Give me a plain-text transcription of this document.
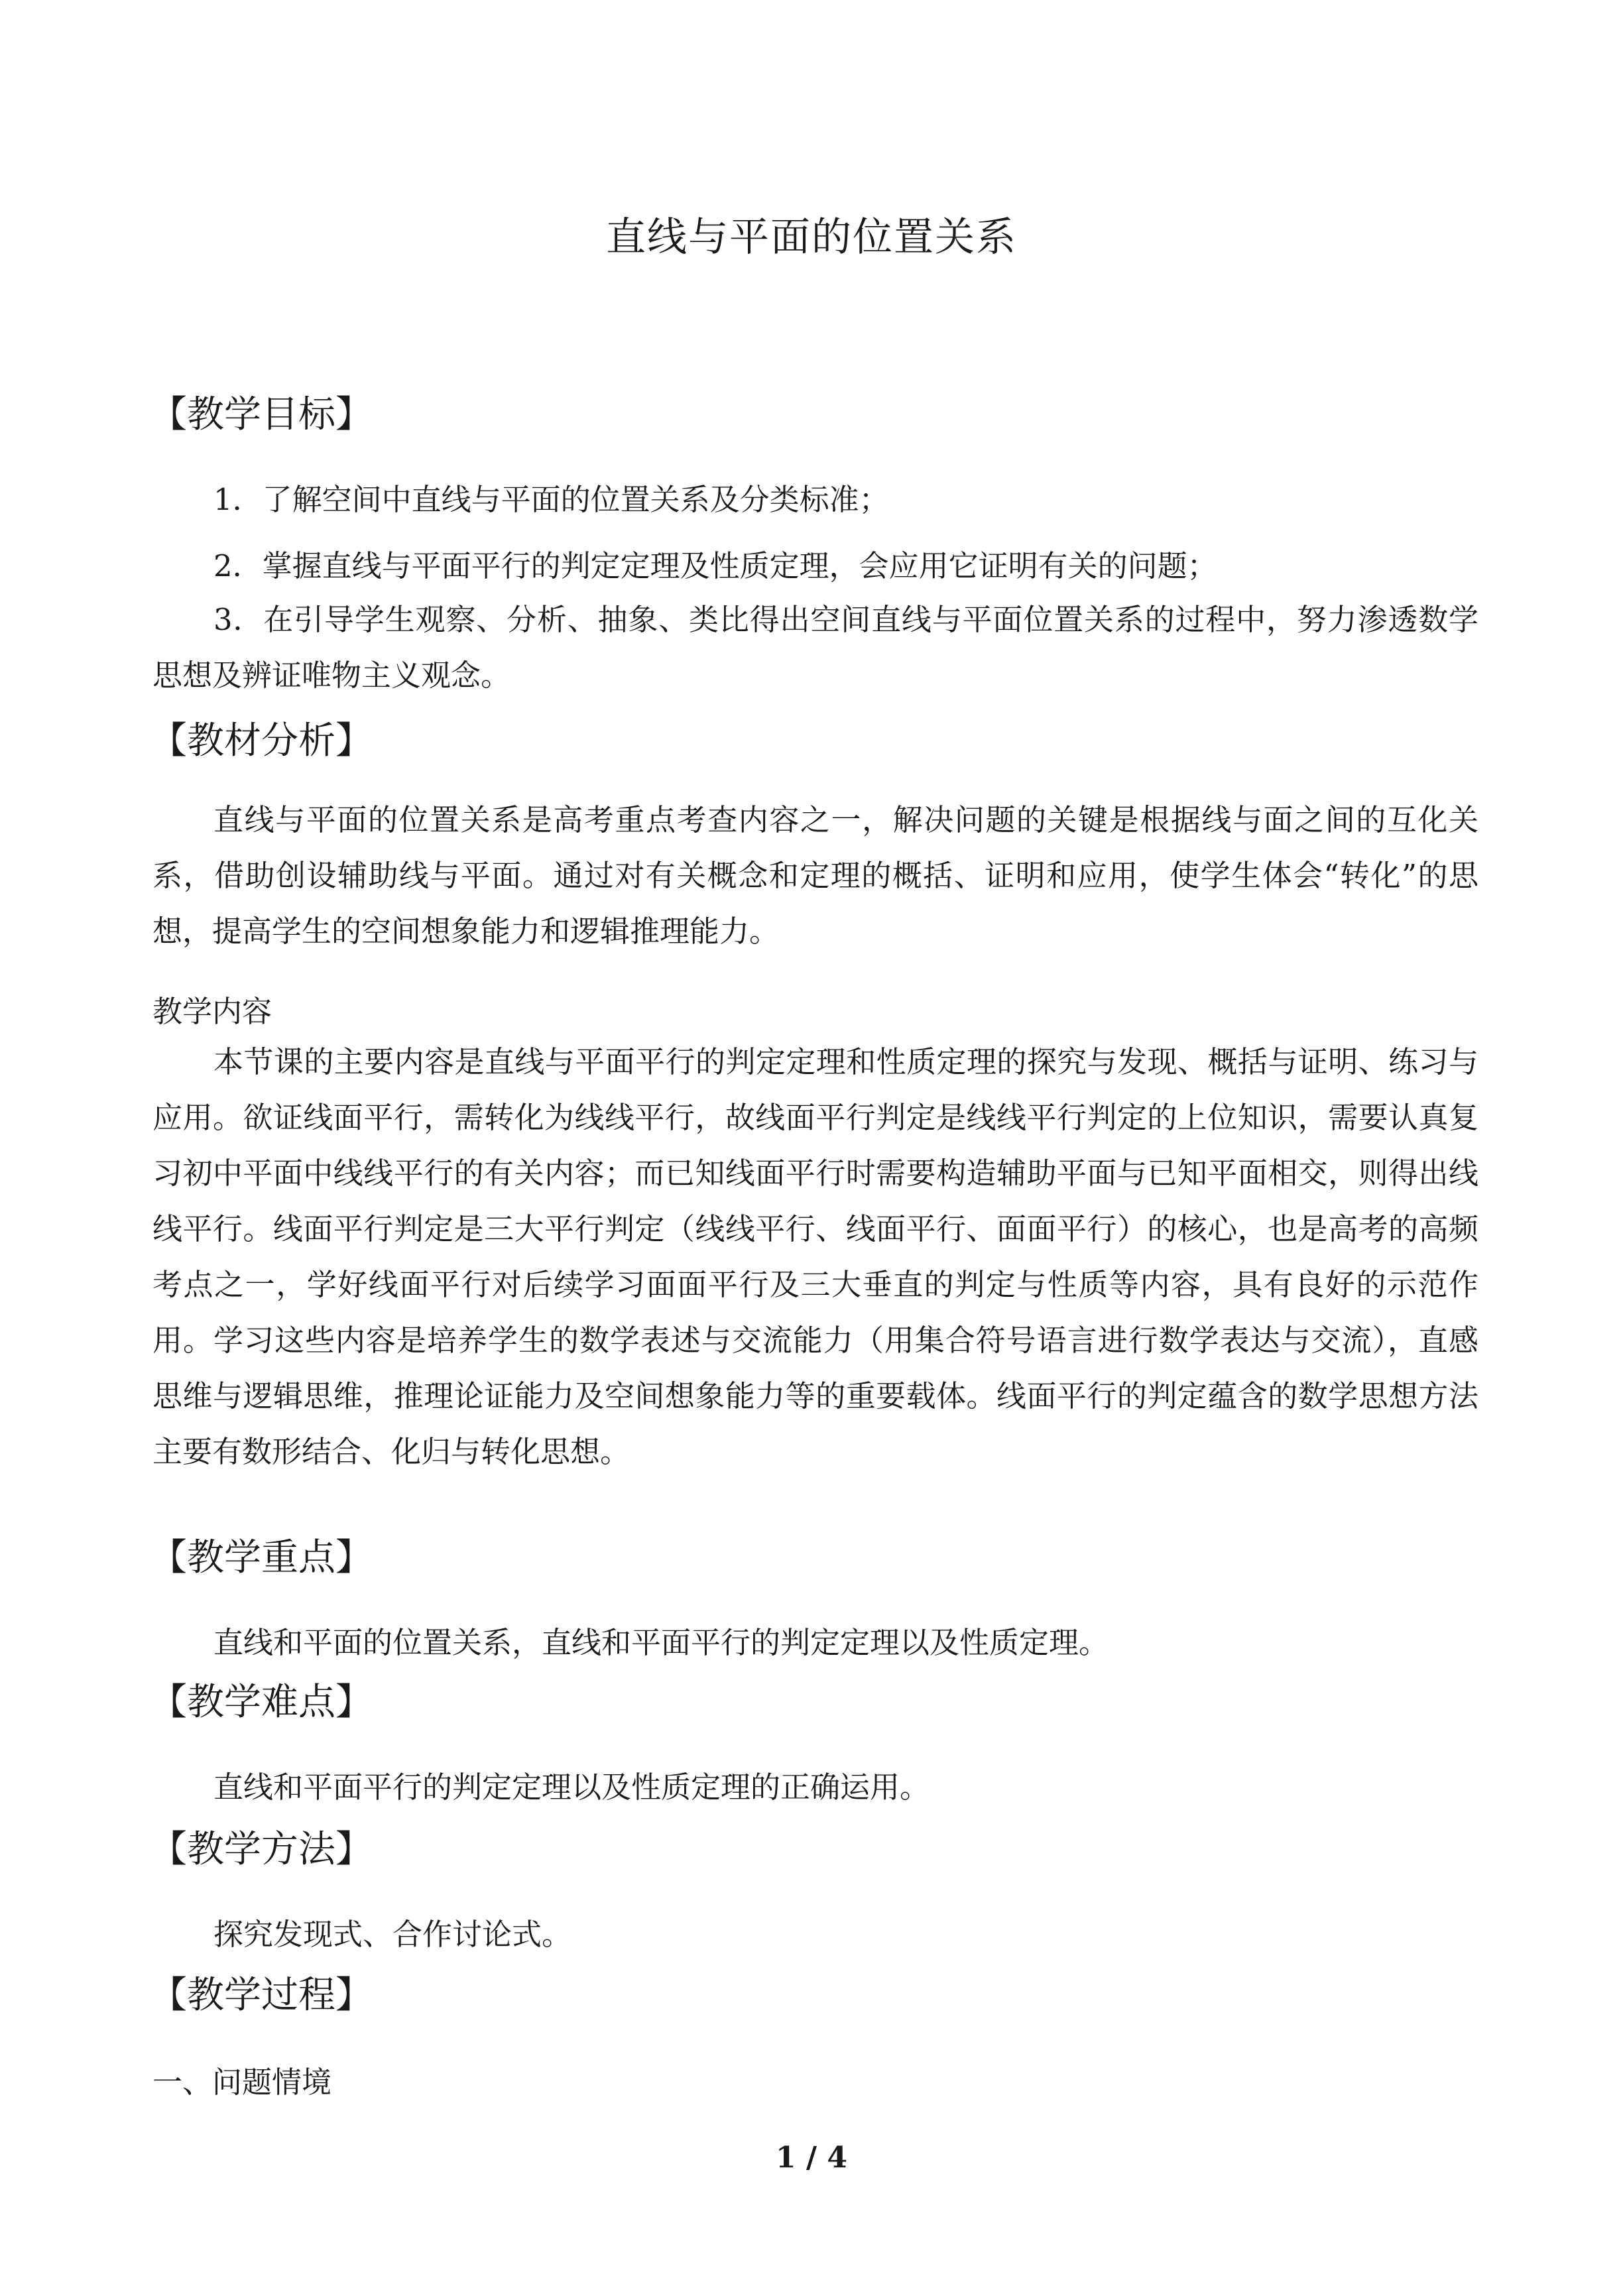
直线与平面的位置关系
【教学目标】
1．了解空间中直线与平面的位置关系及分类标准；
2．掌握直线与平面平行的判定定理及性质定理，会应用它证明有关的问题；
3．在引导学生观察、分析、抽象、类比得出空间直线与平面位置关系的过程中，努力渗透数学思想及辨证唯物主义观念。
【教材分析】
直线与平面的位置关系是高考重点考查内容之一，解决问题的关键是根据线与面之间的互化关系，借助创设辅助线与平面。通过对有关概念和定理的概括、证明和应用，使学生体会“转化”的思想，提高学生的空间想象能力和逻辑推理能力。
教学内容
本节课的主要内容是直线与平面平行的判定定理和性质定理的探究与发现、概括与证明、练习与应用。欲证线面平行，需转化为线线平行，故线面平行判定是线线平行判定的上位知识，需要认真复习初中平面中线线平行的有关内容；而已知线面平行时需要构造辅助平面与已知平面相交，则得出线线平行。线面平行判定是三大平行判定（线线平行、线面平行、面面平行）的核心，也是高考的高频考点之一，学好线面平行对后续学习面面平行及三大垂直的判定与性质等内容，具有良好的示范作用。学习这些内容是培养学生的数学表述与交流能力（用集合符号语言进行数学表达与交流），直感思维与逻辑思维，推理论证能力及空间想象能力等的重要载体。线面平行的判定蕴含的数学思想方法主要有数形结合、化归与转化思想。
【教学重点】
直线和平面的位置关系，直线和平面平行的判定定理以及性质定理。
【教学难点】
直线和平面平行的判定定理以及性质定理的正确运用。
【教学方法】
探究发现式、合作讨论式。
【教学过程】
一、问题情境
1 / 4
